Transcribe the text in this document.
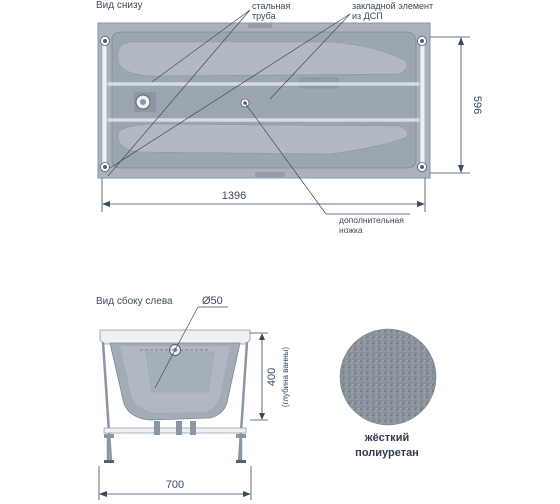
Вид снизу	стальная труба
закладной элемент из ДСП
дополнительная ножка
596
1396
Вид сбоку слева	Ø50
400 (глубина ванны)
700
жёсткий
полиуретан
